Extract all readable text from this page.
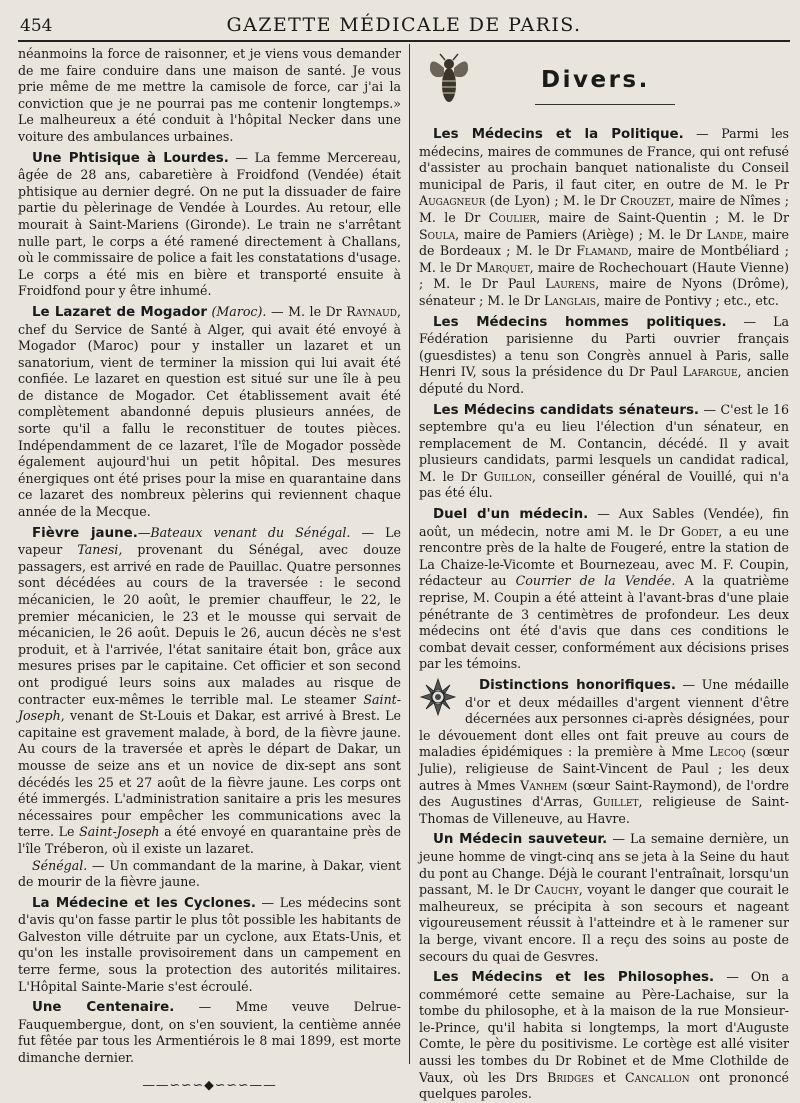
454	GAZETTE MÉDICALE DE PARIS.

néanmoins la force de raisonner, et je viens vous demander de me faire conduire dans une maison de santé. Je vous prie même de me mettre la camisole de force, car j'ai la conviction que je ne pourrai pas me contenir longtemps.» Le malheureux a été conduit à l'hôpital Necker dans une voiture des ambulances urbaines.

Une Phtisique à Lourdes. — La femme Mercereau, âgée de 28 ans, cabaretière à Froidfond (Vendée) était phtisique au dernier degré. On ne put la dissuader de faire partie du pèlerinage de Vendée à Lourdes. Au retour, elle mourait à Saint-Mariens (Gironde). Le train ne s'arrêtant nulle part, le corps a été ramené directement à Challans, où le commissaire de police a fait les constatations d'usage. Le corps a été mis en bière et transporté ensuite à Froidfond pour y être inhumé.

Le Lazaret de Mogador (Maroc). — M. le Dr Raynaud, chef du Service de Santé à Alger, qui avait été envoyé à Mogador (Maroc) pour y installer un lazaret et un sanatorium, vient de terminer la mission qui lui avait été confiée. Le lazaret en question est situé sur une île à peu de distance de Mogador. Cet établissement avait été complètement abandonné depuis plusieurs années, de sorte qu'il a fallu le reconstituer de toutes pièces. Indépendamment de ce lazaret, l'île de Mogador possède également aujourd'hui un petit hôpital. Des mesures énergiques ont été prises pour la mise en quarantaine dans ce lazaret des nombreux pèlerins qui reviennent chaque année de la Mecque.

Fièvre jaune.—Bateaux venant du Sénégal. — Le vapeur Tanesi, provenant du Sénégal, avec douze passagers, est arrivé en rade de Pauillac. Quatre personnes sont décédées au cours de la traversée : le second mécanicien, le 20 août, le premier chauffeur, le 22, le premier mécanicien, le 23 et le mousse qui servait de mécanicien, le 26 août. Depuis le 26, aucun décès ne s'est produit, et à l'arrivée, l'état sanitaire était bon, grâce aux mesures prises par le capitaine. Cet officier et son second ont prodigué leurs soins aux malades au risque de contracter eux-mêmes le terrible mal. Le steamer Saint-Joseph, venant de St-Louis et Dakar, est arrivé à Brest. Le capitaine est gravement malade, à bord, de la fièvre jaune. Au cours de la traversée et après le départ de Dakar, un mousse de seize ans et un novice de dix-sept ans sont décédés les 25 et 27 août de la fièvre jaune. Les corps ont été immergés. L'administration sanitaire a pris les mesures nécessaires pour empêcher les communications avec la terre. Le Saint-Joseph a été envoyé en quarantaine près de l'île Tréberon, où il existe un lazaret.

Sénégal. — Un commandant de la marine, à Dakar, vient de mourir de la fièvre jaune.

La Médecine et les Cyclones. — Les médecins sont d'avis qu'on fasse partir le plus tôt possible les habitants de Galveston ville détruite par un cyclone, aux Etats-Unis, et qu'on les installe provisoirement dans un campement en terre ferme, sous la protection des autorités militaires. L'Hôpital Sainte-Marie s'est écroulé.

Une Centenaire. — Mme veuve Delrue-Fauquembergue, dont, on s'en souvient, la centième année fut fêtée par tous les Armentiérois le 8 mai 1899, est morte dimanche dernier.

——∽∽∽◆∽∽∽——
Divers.

Les Médecins et la Politique. — Parmi les médecins, maires de communes de France, qui ont refusé d'assister au prochain banquet nationaliste du Conseil municipal de Paris, il faut citer, en outre de M. le Pr Augagneur (de Lyon) ; M. le Dr Crouzet, maire de Nîmes ; M. le Dr Coulier, maire de Saint-Quentin ; M. le Dr Soula, maire de Pamiers (Ariège) ; M. le Dr Lande, maire de Bordeaux ; M. le Dr Flamand, maire de Montbéliard ; M. le Dr Marquet, maire de Rochechouart (Haute Vienne) ; M. le Dr Paul Laurens, maire de Nyons (Drôme), sénateur ; M. le Dr Langlais, maire de Pontivy ; etc., etc.

Les Médecins hommes politiques. — La Fédération parisienne du Parti ouvrier français (guesdistes) a tenu son Congrès annuel à Paris, salle Henri IV, sous la présidence du Dr Paul Lafargue, ancien député du Nord.

Les Médecins candidats sénateurs. — C'est le 16 septembre qu'a eu lieu l'élection d'un sénateur, en remplacement de M. Contancin, décédé. Il y avait plusieurs candidats, parmi lesquels un candidat radical, M. le Dr Guillon, conseiller général de Vouillé, qui n'a pas été élu.

Duel d'un médecin. — Aux Sables (Vendée), fin août, un médecin, notre ami M. le Dr Godet, a eu une rencontre près de la halte de Fougeré, entre la station de La Chaize-le-Vicomte et Bournezeau, avec M. F. Coupin, rédacteur au Courrier de la Vendée. A la quatrième reprise, M. Coupin a été atteint à l'avant-bras d'une plaie pénétrante de 3 centimètres de profondeur. Les deux médecins ont été d'avis que dans ces conditions le combat devait cesser, conformément aux décisions prises par les témoins.

Distinctions honorifiques. — Une médaille d'or et deux médailles d'argent viennent d'être décernées aux personnes ci-après désignées, pour le dévouement dont elles ont fait preuve au cours de maladies épidémiques : la première à Mme Lecoq (sœur Julie), religieuse de Saint-Vincent de Paul ; les deux autres à Mmes Vanhem (sœur Saint-Raymond), de l'ordre des Augustines d'Arras, Guillet, religieuse de Saint-Thomas de Villeneuve, au Havre.

Un Médecin sauveteur. — La semaine dernière, un jeune homme de vingt-cinq ans se jeta à la Seine du haut du pont au Change. Déjà le courant l'entraînait, lorsqu'un passant, M. le Dr Cauchy, voyant le danger que courait le malheureux, se précipita à son secours et nageant vigoureusement réussit à l'atteindre et à le ramener sur la berge, vivant encore. Il a reçu des soins au poste de secours du quai de Gesvres.

Les Médecins et les Philosophes. — On a commémoré cette semaine au Père-Lachaise, sur la tombe du philosophe, et à la maison de la rue Monsieur-le-Prince, qu'il habita si longtemps, la mort d'Auguste Comte, le père du positivisme. Le cortège est allé visiter aussi les tombes du Dr Robinet et de Mme Clothilde de Vaux, où les Drs Bridges et Cancallon ont prononcé quelques paroles.
